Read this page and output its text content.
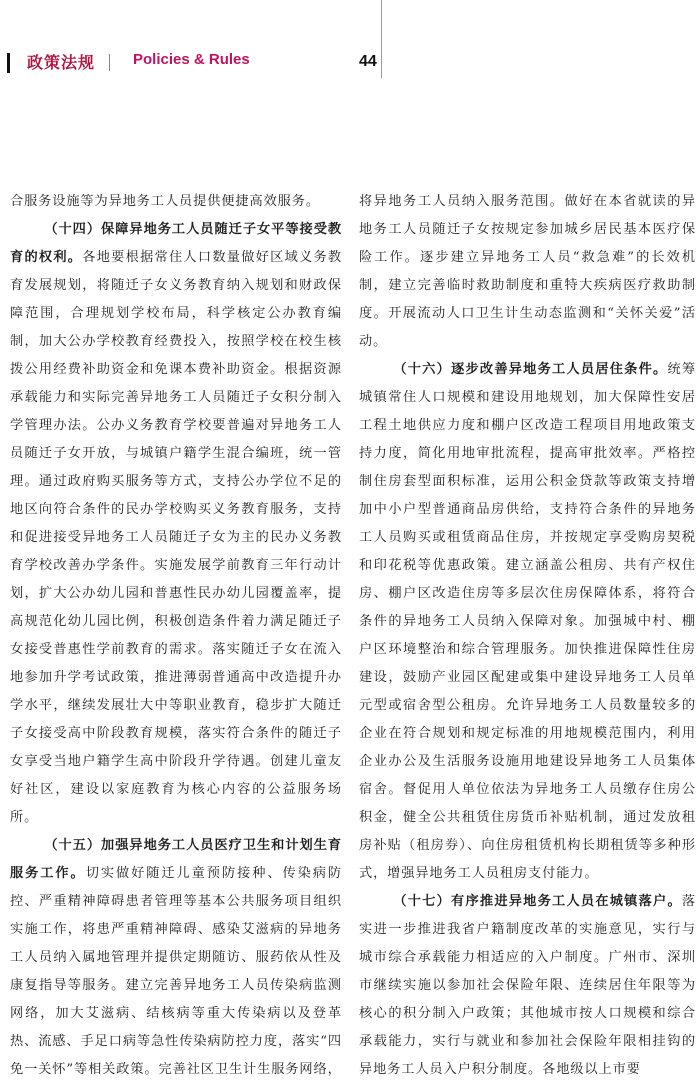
政策法规	Policies & Rules	44

合服务设施等为异地务工人员提供便捷高效服务。

（十四）保障异地务工人员随迁子女平等接受教育的权利。各地要根据常住人口数量做好区域义务教育发展规划，将随迁子女义务教育纳入规划和财政保障范围，合理规划学校布局，科学核定公办教育编制，加大公办学校教育经费投入，按照学校在校生核拨公用经费补助资金和免课本费补助资金。根据资源承载能力和实际完善异地务工人员随迁子女积分制入学管理办法。公办义务教育学校要普遍对异地务工人员随迁子女开放，与城镇户籍学生混合编班，统一管理。通过政府购买服务等方式，支持公办学位不足的地区向符合条件的民办学校购买义务教育服务，支持和促进接受异地务工人员随迁子女为主的民办义务教育学校改善办学条件。实施发展学前教育三年行动计划，扩大公办幼儿园和普惠性民办幼儿园覆盖率，提高规范化幼儿园比例，积极创造条件着力满足随迁子女接受普惠性学前教育的需求。落实随迁子女在流入地参加升学考试政策，推进薄弱普通高中改造提升办学水平，继续发展壮大中等职业教育，稳步扩大随迁子女接受高中阶段教育规模，落实符合条件的随迁子女享受当地户籍学生高中阶段升学待遇。创建儿童友好社区，建设以家庭教育为核心内容的公益服务场所。

（十五）加强异地务工人员医疗卫生和计划生育服务工作。切实做好随迁儿童预防接种、传染病防控、严重精神障碍患者管理等基本公共服务项目组织实施工作，将患严重精神障碍、感染艾滋病的异地务工人员纳入属地管理并提供定期随访、服药依从性及康复指导等服务。建立完善异地务工人员传染病监测网络，加大艾滋病、结核病等重大传染病以及登革热、流感、手足口病等急性传染病防控力度，落实“四免一关怀”等相关政策。完善社区卫生计生服务网络，

将异地务工人员纳入服务范围。做好在本省就读的异地务工人员随迁子女按规定参加城乡居民基本医疗保险工作。逐步建立异地务工人员“救急难”的长效机制，建立完善临时救助制度和重特大疾病医疗救助制度。开展流动人口卫生计生动态监测和“关怀关爱”活动。

（十六）逐步改善异地务工人员居住条件。统筹城镇常住人口规模和建设用地规划，加大保障性安居工程土地供应力度和棚户区改造工程项目用地政策支持力度，简化用地审批流程，提高审批效率。严格控制住房套型面积标准，运用公积金贷款等政策支持增加中小户型普通商品房供给，支持符合条件的异地务工人员购买或租赁商品住房，并按规定享受购房契税和印花税等优惠政策。建立涵盖公租房、共有产权住房、棚户区改造住房等多层次住房保障体系，将符合条件的异地务工人员纳入保障对象。加强城中村、棚户区环境整治和综合管理服务。加快推进保障性住房建设，鼓励产业园区配建或集中建设异地务工人员单元型或宿舍型公租房。允许异地务工人员数量较多的企业在符合规划和规定标准的用地规模范围内，利用企业办公及生活服务设施用地建设异地务工人员集体宿舍。督促用人单位依法为异地务工人员缴存住房公积金，健全公共租赁住房货币补贴机制，通过发放租房补贴（租房券）、向住房租赁机构长期租赁等多种形式，增强异地务工人员租房支付能力。

（十七）有序推进异地务工人员在城镇落户。落实进一步推进我省户籍制度改革的实施意见，实行与城市综合承载能力相适应的入户制度。广州市、深圳市继续实施以参加社会保险年限、连续居住年限等为核心的积分制入户政策；其他城市按人口规模和综合承载能力，实行与就业和参加社会保险年限相挂钩的异地务工人员入户积分制度。各地级以上市要
